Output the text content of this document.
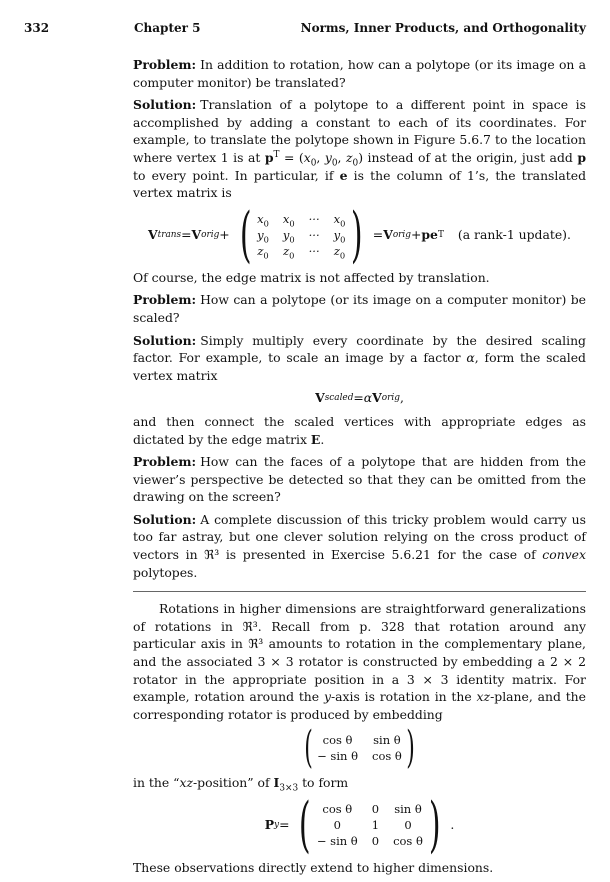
332	Chapter 5	Norms, Inner Products, and Orthogonality

Problem: In addition to rotation, how can a polytope (or its image on a computer monitor) be translated?

Solution: Translation of a polytope to a different point in space is accomplished by adding a constant to each of its coordinates. For example, to translate the polytope shown in Figure 5.6.7 to the location where vertex 1 is at $p^T = (x_0$, $y_0$, $z_0$) instead of at the origin, just add p to every point. In particular, if e is the column of 1’s, the translated vertex matrix is

V trans = V orig + ( $x_0$ $x_0$ ··· $x_0$
$y_0$ $y_0$ ··· $y_0$
$z_0$ $z_0$ ··· $z_0$ ) = V orig + pe T (a rank-1 update).

Of course, the edge matrix is not affected by translation.

Problem: How can a polytope (or its image on a computer monitor) be scaled?

Solution: Simply multiply every coordinate by the desired scaling factor. For example, to scale an image by a factor α, form the scaled vertex matrix

V scaled = α V orig ,

and then connect the scaled vertices with appropriate edges as dictated by the edge matrix E.

Problem: How can the faces of a polytope that are hidden from the viewer’s perspective be detected so that they can be omitted from the drawing on the screen?

Solution: A complete discussion of this tricky problem would carry us too far astray, but one clever solution relying on the cross product of vectors in ℜ³ is presented in Exercise 5.6.21 for the case of convex polytopes.

Rotations in higher dimensions are straightforward generalizations of rotations in ℜ³. Recall from p. 328 that rotation around any particular axis in ℜ³ amounts to rotation in the complementary plane, and the associated 3 × 3 rotator is constructed by embedding a 2 × 2 rotator in the appropriate position in a 3 × 3 identity matrix. For example, rotation around the y-axis is rotation in the xz-plane, and the corresponding rotator is produced by embedding

( cos θ	sin θ
− sin θ cos θ )

in the “xz-position” of $I_{3\times 3}$ to form

P y = ( cos θ	0 sin θ
0	1	0
− sin θ 0 cos θ ) .

These observations directly extend to higher dimensions.
